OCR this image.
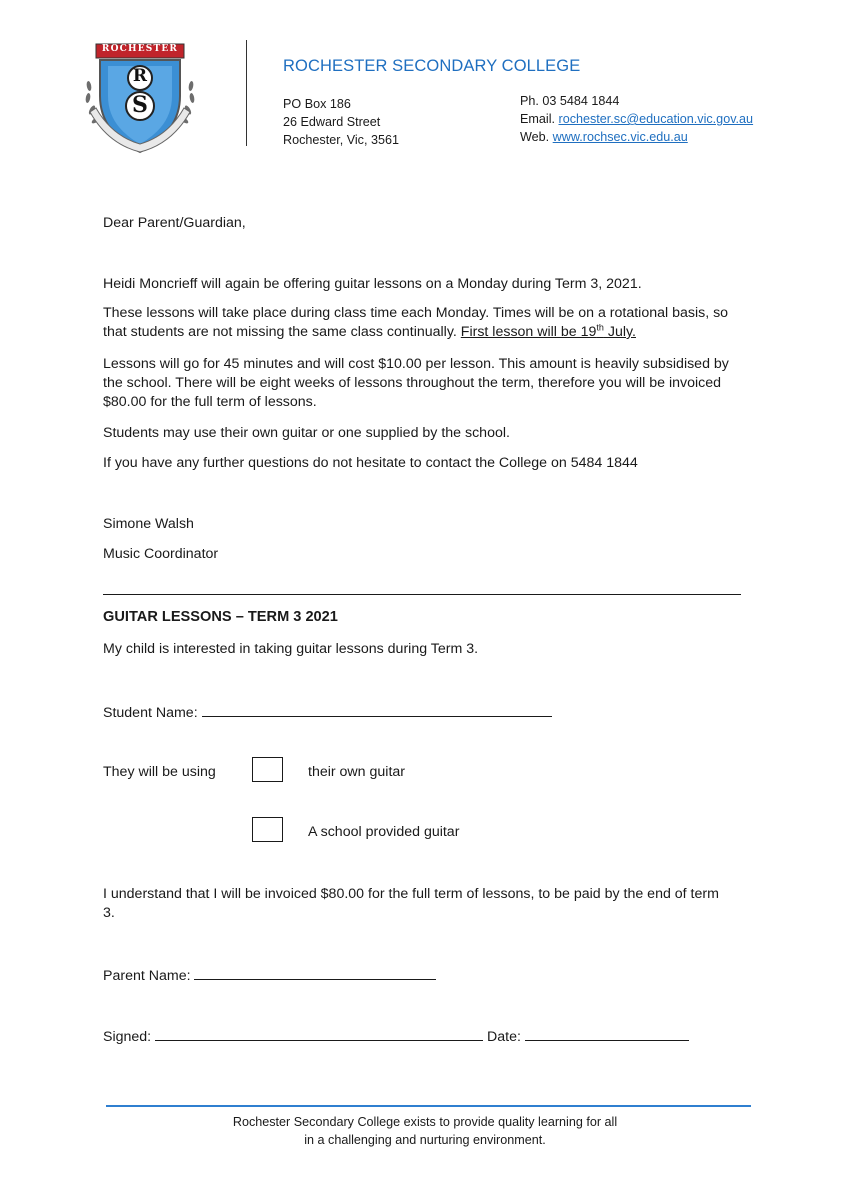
ROCHESTER
R
S
ROCHESTER SECONDARY COLLEGE
PO Box 186
26 Edward Street
Rochester, Vic, 3561
Ph. 03 5484 1844
Email. rochester.sc@education.vic.gov.au
Web. www.rochsec.vic.edu.au
Dear Parent/Guardian,
Heidi Moncrieff will again be offering guitar lessons on a Monday during Term 3, 2021.
These lessons will take place during class time each Monday. Times will be on a rotational basis, so
that students are not missing the same class continually. First lesson will be 19th July.
Lessons will go for 45 minutes and will cost $10.00 per lesson. This amount is heavily subsidised by
the school. There will be eight weeks of lessons throughout the term, therefore you will be invoiced
$80.00 for the full term of lessons.
Students may use their own guitar or one supplied by the school.
If you have any further questions do not hesitate to contact the College on 5484 1844
Simone Walsh
Music Coordinator
GUITAR LESSONS – TERM 3 2021
My child is interested in taking guitar lessons during Term 3.
Student Name:
They will be using	their own guitar
A school provided guitar
I understand that I will be invoiced $80.00 for the full term of lessons, to be paid by the end of term
3.
Parent Name:
Signed:	Date:
Rochester Secondary College exists to provide quality learning for all
in a challenging and nurturing environment.
